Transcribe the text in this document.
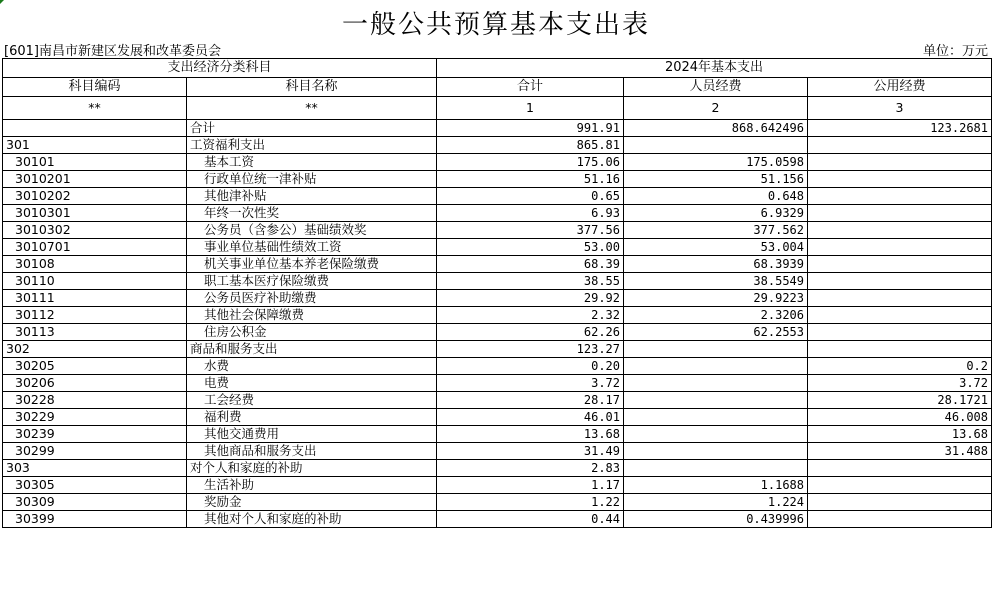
一般公共预算基本支出表
[601]南昌市新建区发展和改革委员会	单位：万元
支出经济分类科目		2024年基本支出		
科目编码	科目名称	合计	人员经费	公用经费
**	**	1	2	3
	合计	991.91	868.642496	123.2681
301	工资福利支出	865.81		
30101	基本工资	175.06	175.0598	
3010201	行政单位统一津补贴	51.16	51.156	
3010202	其他津补贴	0.65	0.648	
3010301	年终一次性奖	6.93	6.9329	
3010302	公务员（含参公）基础绩效奖	377.56	377.562	
3010701	事业单位基础性绩效工资	53.00	53.004	
30108	机关事业单位基本养老保险缴费	68.39	68.3939	
30110	职工基本医疗保险缴费	38.55	38.5549	
30111	公务员医疗补助缴费	29.92	29.9223	
30112	其他社会保障缴费	2.32	2.3206	
30113	住房公积金	62.26	62.2553	
302	商品和服务支出	123.27		
30205	水费	0.20		0.2
30206	电费	3.72		3.72
30228	工会经费	28.17		28.1721
30229	福利费	46.01		46.008
30239	其他交通费用	13.68		13.68
30299	其他商品和服务支出	31.49		31.488
303	对个人和家庭的补助	2.83		
30305	生活补助	1.17	1.1688	
30309	奖励金	1.22	1.224	
30399	其他对个人和家庭的补助	0.44	0.439996	
